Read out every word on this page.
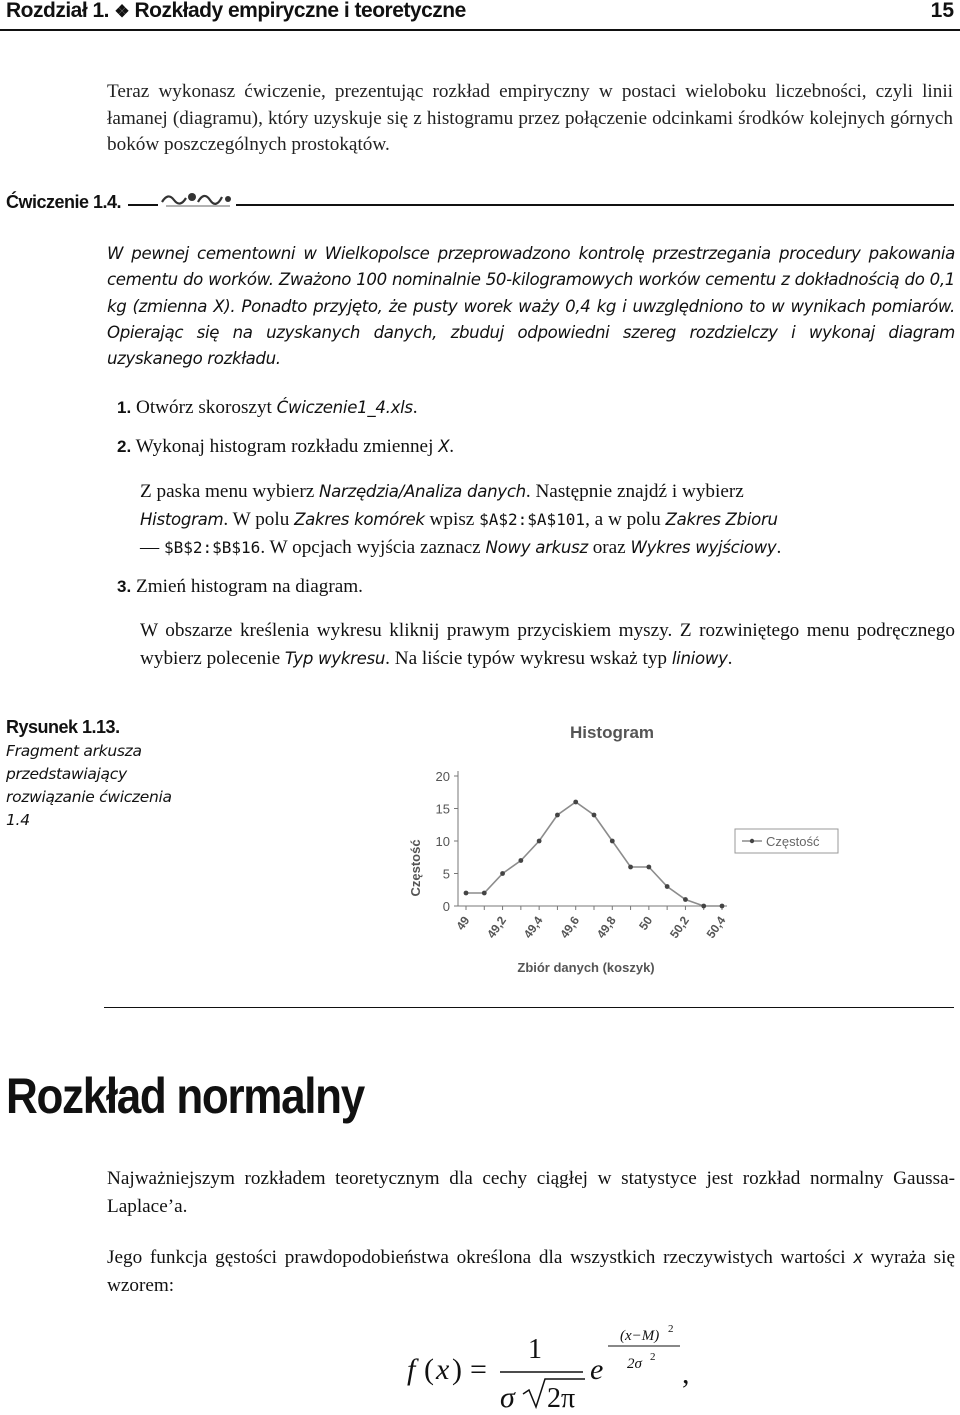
Rozdział 1. ❖ Rozkłady empiryczne i teoretyczne	15
Teraz wykonasz ćwiczenie, prezentując rozkład empiryczny w postaci wieloboku liczebności, czyli linii łamanej (diagramu), który uzyskuje się z histogramu przez połączenie odcinkami środków kolejnych górnych boków poszczególnych prostokątów.
Ćwiczenie 1.4.
W pewnej cementowni w Wielkopolsce przeprowadzono kontrolę przestrzegania procedury pakowania cementu do worków. Zważono 100 nominalnie 50-kilogramowych worków cementu z dokładnością do 0,1 kg (zmienna X). Ponadto przyjęto, że pusty worek waży 0,4 kg i uwzględniono to w wynikach pomiarów. Opierając się na uzyskanych danych, zbuduj odpowiedni szereg rozdzielczy i wykonaj diagram uzyskanego rozkładu.
1. Otwórz skoroszyt Ćwiczenie1_4.xls.
2. Wykonaj histogram rozkładu zmiennej X.
Z paska menu wybierz Narzędzia/Analiza danych. Następnie znajdź i wybierz
Histogram. W polu Zakres komórek wpisz $A$2:$A$101, a w polu Zakres Zbioru
— $B$2:$B$16. W opcjach wyjścia zaznacz Nowy arkusz oraz Wykres wyjściowy.
3. Zmień histogram na diagram.
W obszarze kreślenia wykresu kliknij prawym przyciskiem myszy. Z rozwiniętego menu podręcznego wybierz polecenie Typ wykresu. Na liście typów wykresu wskaż typ liniowy.
Rysunek 1.13.
Fragment arkusza przedstawiający rozwiązanie ćwiczenia 1.4
Histogram
Częstość
Zbiór danych (koszyk)
0
5
10
15
20
49 49,2 49,4 49,6 49,8 50 50,2 50,4
Częstość
Rozkład normalny
Najważniejszym rozkładem teoretycznym dla cechy ciągłej w statystyce jest rozkład normalny Gaussa-Laplace’a.
Jego funkcja gęstości prawdopodobieństwa określona dla wszystkich rzeczywistych wartości x wyraża się wzorem:
f ( x ) =
1
σ 2π
e
(x−M) 2
2σ 2 ,
